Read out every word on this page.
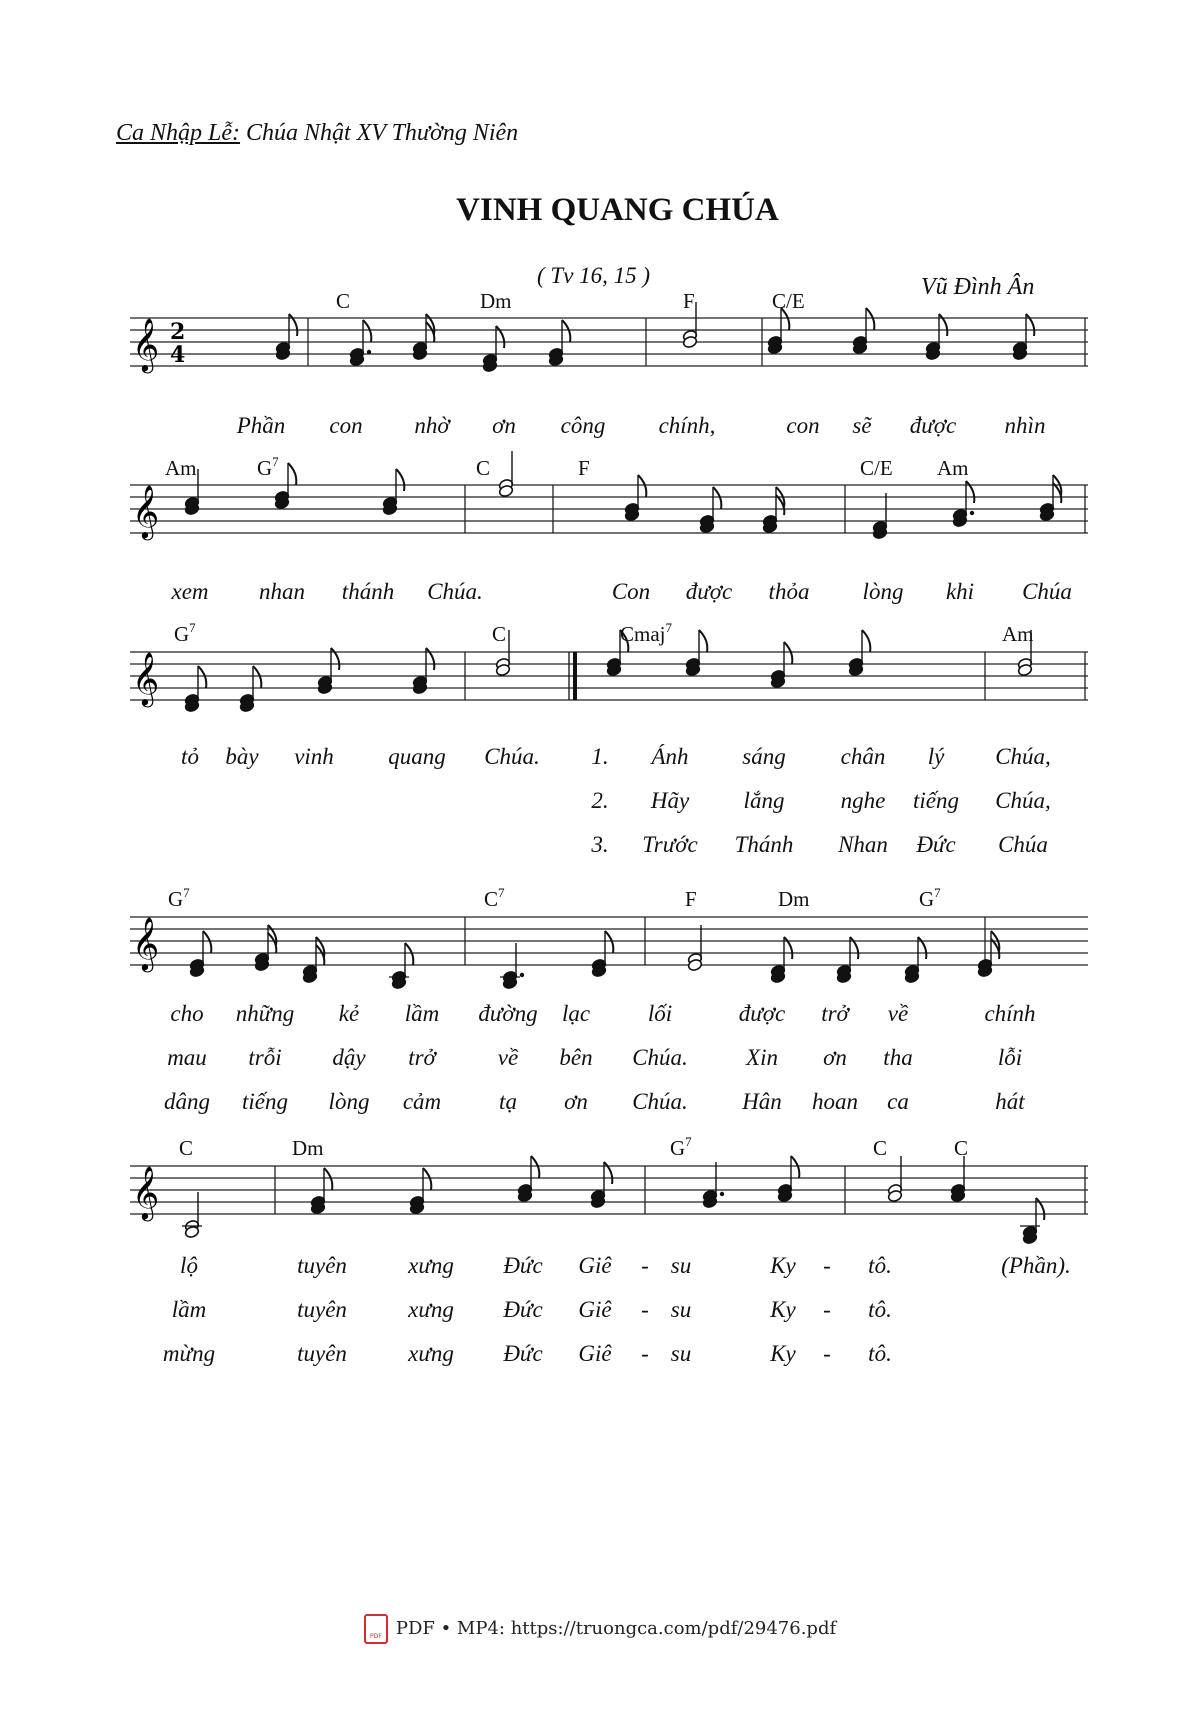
Ca Nhập Lễ: Chúa Nhật XV Thường Niên
VINH QUANG CHÚA
( Tv 16, 15 )	Vũ Đình Ân
𝄞 2
4
C	Dm	F	C/E
Phần con nhờ ơn công chính,	con sẽ được nhìn
𝄞
Am	$G^7$	C	F	C/E Am
xem nhan thánh Chúa.	Con được thỏa lòng khi Chúa
𝄞
$G^7$	C	Cmaj$^7$	Am
tỏ bày vinh quang Chúa. 1. Ánh sáng chân lý Chúa,
2. Hãy lắng nghe tiếng Chúa,
3. Trước Thánh Nhan Đức Chúa
𝄞
$G^7$	$C^7$	F	Dm	$G^7$
cho những kẻ lầm đường lạc	lối	được trở về	chính
mau trỗi dậy trở	về bên Chúa.	Xin ơn tha	lỗi
dâng tiếng lòng cảm	tạ ơn Chúa. Hân hoan ca	hát
𝄞
C	Dm	$G^7$	C	C
lộ	tuyên	xưng Đức Giê - su	Ky - tô.	(Phần).
lầm	tuyên	xưng Đức Giê - su	Ky - tô.
mừng	tuyên	xưng Đức Giê - su	Ky - tô.
PDF PDF • MP4: https://truongca.com/pdf/29476.pdf
